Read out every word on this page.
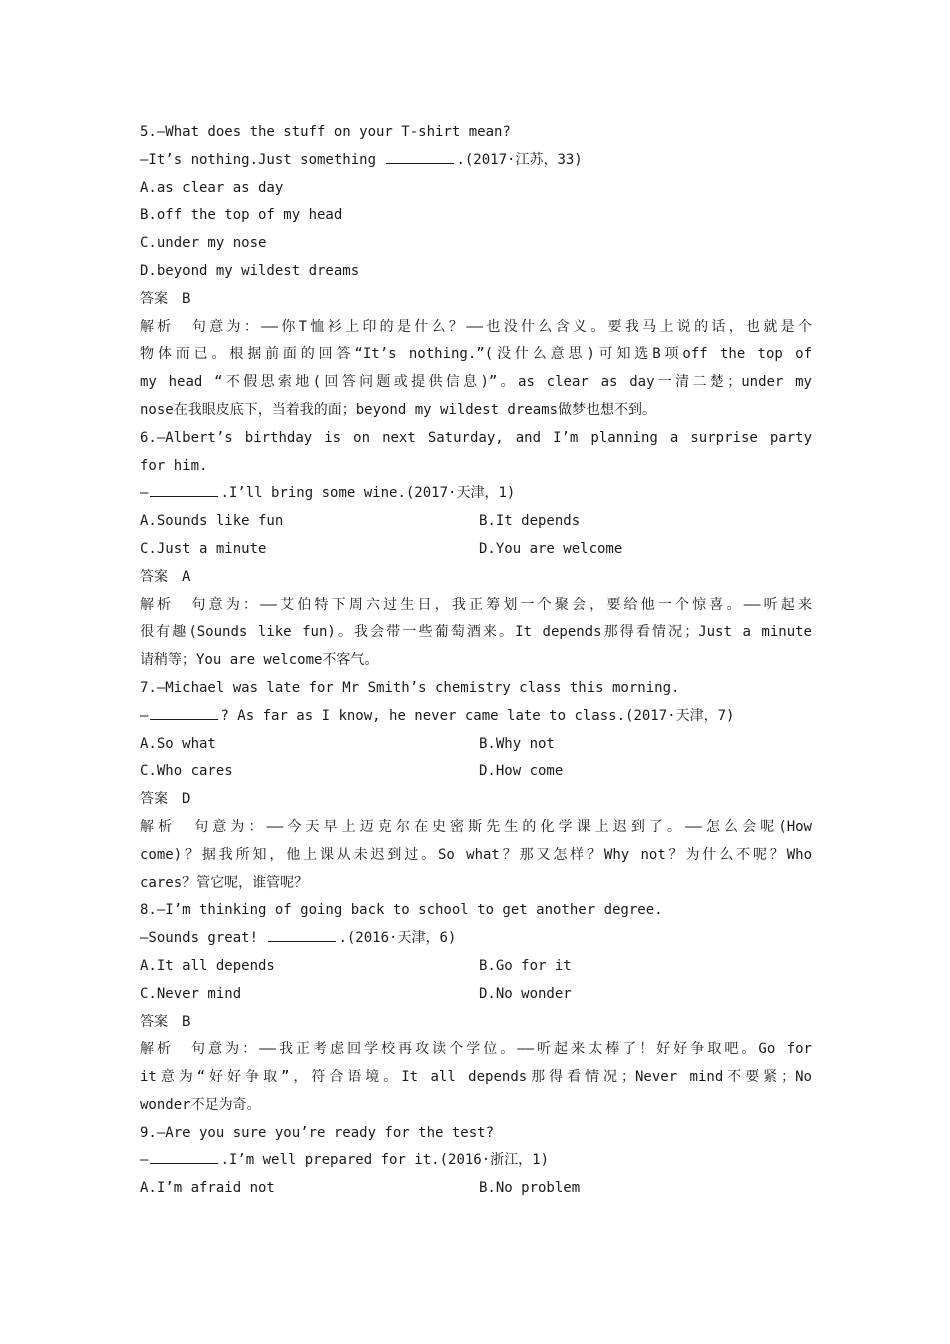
5.—What does the stuff on your T-shirt mean?
—It’s nothing.Just something	.(2017·江苏，33)
A.as clear as day
B.off the top of my head
C.under my nose
D.beyond my wildest dreams
答案　B
解析　句意为：——你T恤衫上印的是什么？——也没什么含义。要我马上说的话，也就是个
物体而已。根据前面的回答“It’s nothing.”(没什么意思)可知选B项off the top of
my head “不假思索地(回答问题或提供信息)”。as clear as day一清二楚；under my
nose在我眼皮底下，当着我的面；beyond my wildest dreams做梦也想不到。
6.—Albert’s birthday is on next Saturday, and I’m planning a surprise party
for him.
—	.I’ll bring some wine.(2017·天津，1)
A.Sounds like fun	B.It depends
C.Just a minute	D.You are welcome
答案　A
解析　句意为：——艾伯特下周六过生日，我正筹划一个聚会，要给他一个惊喜。——听起来
很有趣(Sounds like fun)。我会带一些葡萄酒来。It depends那得看情况；Just a minute
请稍等；You are welcome不客气。
7.—Michael was late for Mr Smith’s chemistry class this morning.
—	? As far as I know, he never came late to class.(2017·天津，7)
A.So what	B.Why not
C.Who cares	D.How come
答案　D
解析　句意为：——今天早上迈克尔在史密斯先生的化学课上迟到了。——怎么会呢(How
come)？据我所知，他上课从未迟到过。So what？那又怎样？Why not？为什么不呢？Who
cares？管它呢，谁管呢？
8.—I’m thinking of going back to school to get another degree.
—Sounds great!	.(2016·天津，6)
A.It all depends	B.Go for it
C.Never mind	D.No wonder
答案　B
解析　句意为：——我正考虑回学校再攻读个学位。——听起来太棒了！好好争取吧。Go for
it意为“好好争取”，符合语境。It all depends那得看情况；Never mind不要紧；No
wonder不足为奇。
9.—Are you sure you’re ready for the test?
—	.I’m well prepared for it.(2016·浙江，1)
A.I’m afraid not	B.No problem
